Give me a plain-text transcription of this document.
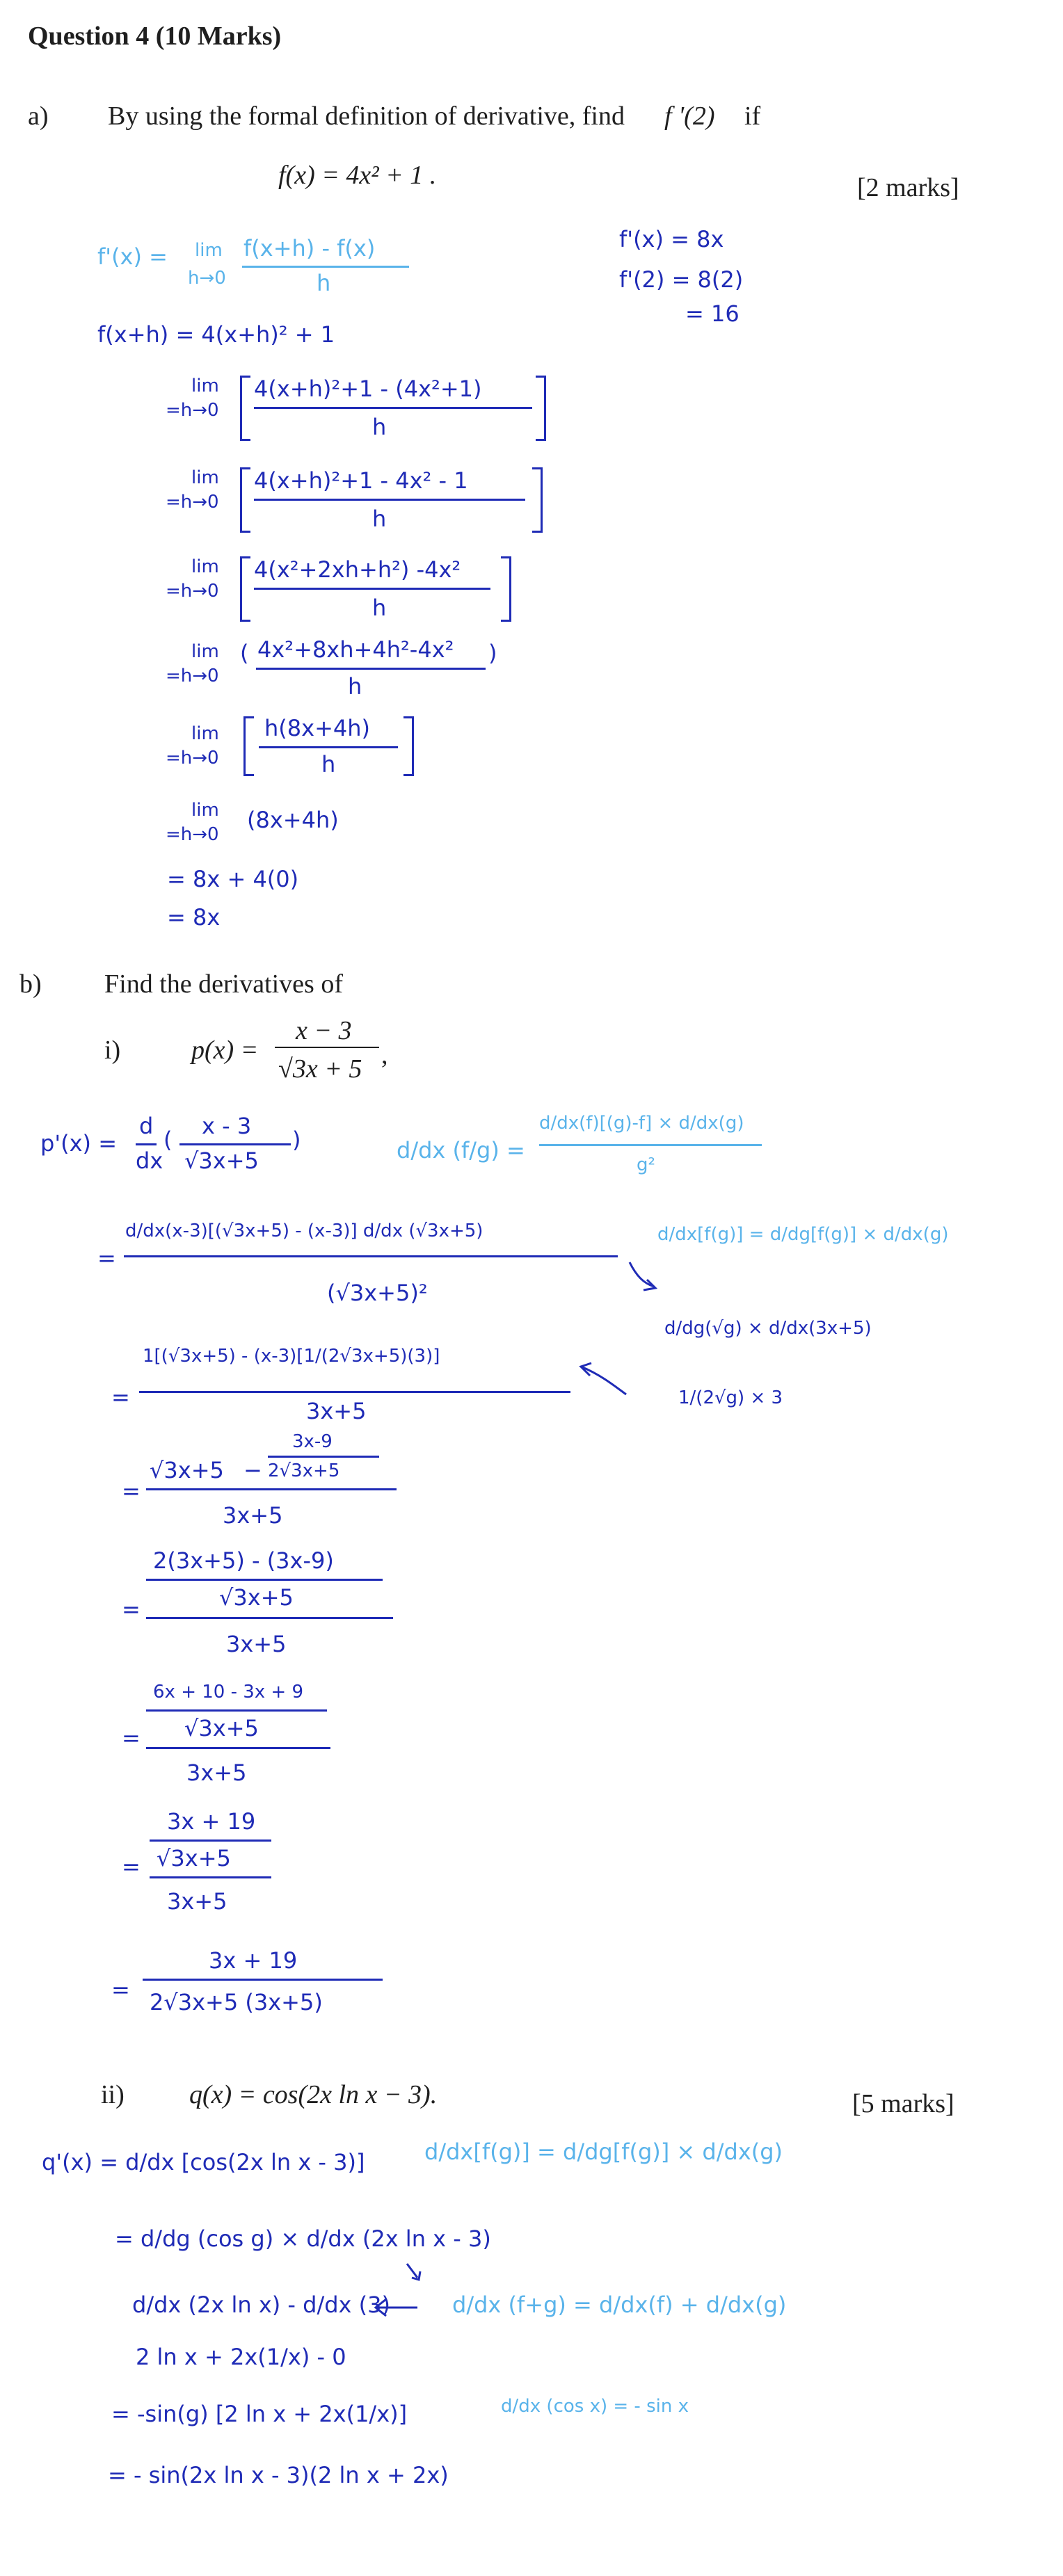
Question 4 (10 Marks)
a) By using the formal definition of derivative, find f '(2) if
f(x) = 4x² + 1 .	[2 marks]
f'(x) = lim
h→0
f(x+h) - f(x)
h
f(x+h) = 4(x+h)² + 1
lim
=h→0
4(x+h)²+1 - (4x²+1)
h
lim
=h→0
4(x+h)²+1 - 4x² - 1
h
lim
=h→0
4(x²+2xh+h²) -4x²
h
lim
=h→0
( 4x²+8xh+4h²-4x²
h
)
lim
=h→0
h(8x+4h)
h
lim
=h→0
(8x+4h)
= 8x + 4(0)
= 8x
f'(x) = 8x
f'(2) = 8(2)
= 16
b) Find the derivatives of
i)	p(x) =
x − 3
√3x + 5 ,
p'(x) =
d
dx
(
x - 3
√3x+5
)	d/dx (f/g) =
d/dx(f)[(g)-f] × d/dx(g)
g²
=
d/dx(x-3)[(√3x+5) - (x-3)] d/dx (√3x+5)
(√3x+5)²
d/dx[f(g)] = d/dg[f(g)] × d/dx(g)
d/dg(√g) × d/dx(3x+5)
1/(2√g) × 3
=
1[(√3x+5) - (x-3)[1/(2√3x+5)(3)]
3x+5
=
√3x+5 −
3x-9
2√3x+5
3x+5
=
2(3x+5) - (3x-9)
√3x+5
3x+5
=
6x + 10 - 3x + 9
√3x+5
3x+5
=
3x + 19
√3x+5
3x+5
=
3x + 19
2√3x+5 (3x+5)
ii) q(x) = cos(2x ln x − 3).	[5 marks]
q'(x) = d/dx [cos(2x ln x - 3)]	d/dx[f(g)] = d/dg[f(g)] × d/dx(g)
= d/dg (cos g) × d/dx (2x ln x - 3)
d/dx (2x ln x) - d/dx (3)	d/dx (f+g) = d/dx(f) + d/dx(g)
2 ln x + 2x(1/x) - 0
= -sin(g) [2 ln x + 2x(1/x)]	d/dx (cos x) = - sin x
= - sin(2x ln x - 3)(2 ln x + 2x)
